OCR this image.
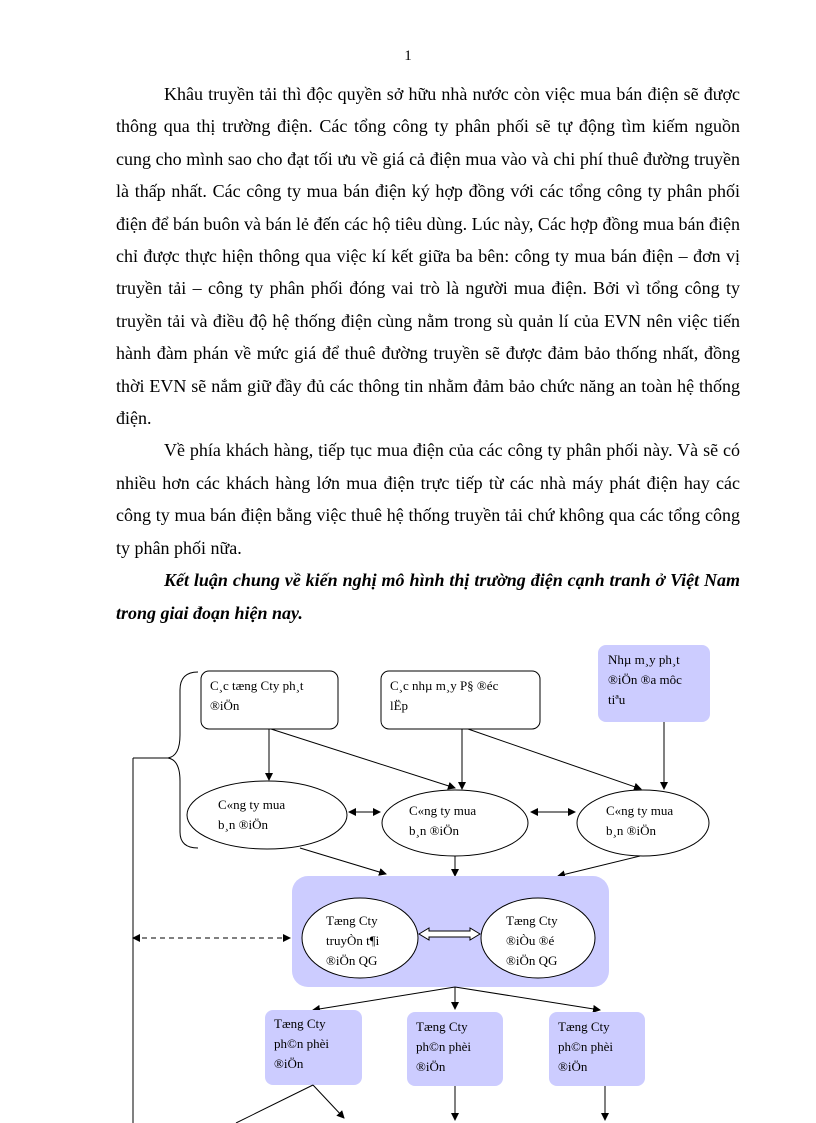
1

Khâu truyền tải thì độc quyền sở hữu nhà nước còn việc mua bán điện sẽ được thông qua thị trường điện. Các tổng công ty phân phối sẽ tự động tìm kiếm nguồn cung cho mình sao cho đạt tối ưu về giá cả điện mua vào và chi phí thuê đường truyền là thấp nhất. Các công ty mua bán điện ký hợp đồng với các tổng công ty phân phối điện để bán buôn và bán lẻ đến các hộ tiêu dùng. Lúc này, Các hợp đồng mua bán điện chỉ được thực hiện thông qua việc kí kết giữa ba bên: công ty mua bán điện – đơn vị truyền tải – công ty phân phối đóng vai trò là người mua điện. Bởi vì tổng công ty truyền tải và điều độ hệ thống điện cùng nằm trong sù quản lí của EVN nên việc tiến hành đàm phán về mức giá để thuê đường truyền sẽ được đảm bảo thống nhất, đồng thời EVN sẽ nắm giữ đầy đủ các thông tin nhằm đảm bảo chức năng an toàn hệ thống điện.

Về phía khách hàng, tiếp tục mua điện của các công ty phân phối này. Và sẽ có nhiều hơn các khách hàng lớn mua điện trực tiếp từ các nhà máy phát điện hay các công ty mua bán điện bằng việc thuê hệ thống truyền tải chứ không qua các tổng công ty phân phối nữa.

Kết luận chung về kiến nghị mô hình thị trường điện cạnh tranh ở Việt Nam trong giai đoạn hiện nay.

C¸c tæng Cty ph¸t
®iÖn
C¸c nhµ m¸y P§ ®éc
lËp
Nhµ m¸y ph¸t
®iÖn ®a môc
tiªu
C«ng ty mua
b¸n ®iÖn
C«ng ty mua
b¸n ®iÖn
C«ng ty mua
b¸n ®iÖn
Tæng Cty
truyÒn t¶i
®iÖn QG
Tæng Cty
®iÒu ®é
®iÖn QG
Tæng Cty
ph©n phèi
®iÖn
Tæng Cty
ph©n phèi
®iÖn
Tæng Cty
ph©n phèi
®iÖn
